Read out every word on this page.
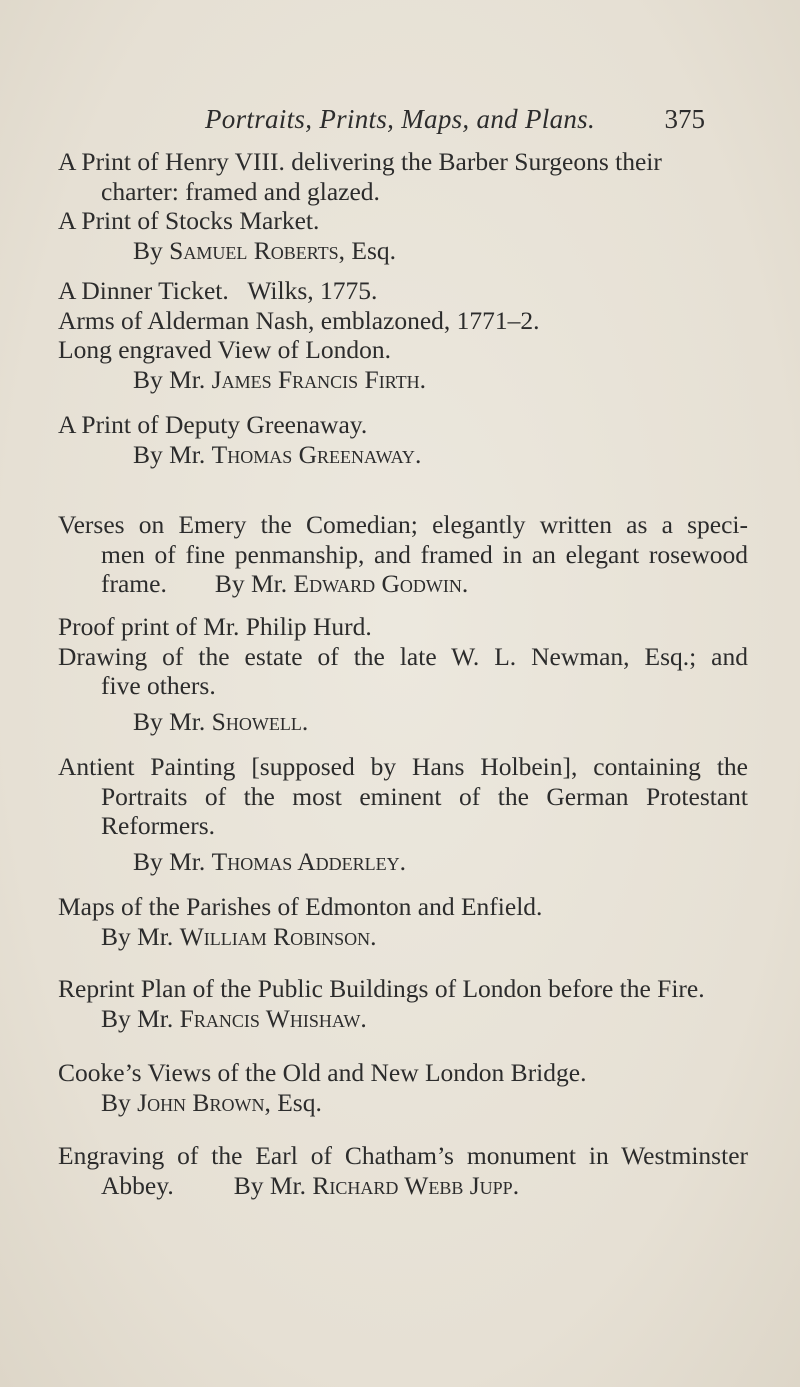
Portraits, Prints, Maps, and Plans.	375
A Print of Henry VIII. delivering the Barber Surgeons their
charter: framed and glazed.
A Print of Stocks Market.
By Samuel Roberts, Esq.
A Dinner Ticket.   Wilks, 1775.
Arms of Alderman Nash, emblazoned, 1771–2.
Long engraved View of London.
By Mr. James Francis Firth.
A Print of Deputy Greenaway.
By Mr. Thomas Greenaway.
Verses on Emery the Comedian; elegantly written as a speci-
men of fine penmanship, and framed in an elegant rosewood
frame. By Mr. Edward Godwin.
Proof print of Mr. Philip Hurd.
Drawing of the estate of the late W. L. Newman, Esq.; and
five others.
By Mr. Showell.
Antient Painting [supposed by Hans Holbein], containing the
Portraits of the most eminent of the German Protestant
Reformers.
By Mr. Thomas Adderley.
Maps of the Parishes of Edmonton and Enfield.
By Mr. William Robinson.
Reprint Plan of the Public Buildings of London before the Fire.
By Mr. Francis Whishaw.
Cooke’s Views of the Old and New London Bridge.
By John Brown, Esq.
Engraving of the Earl of Chatham’s monument in Westminster
Abbey. By Mr. Richard Webb Jupp.
